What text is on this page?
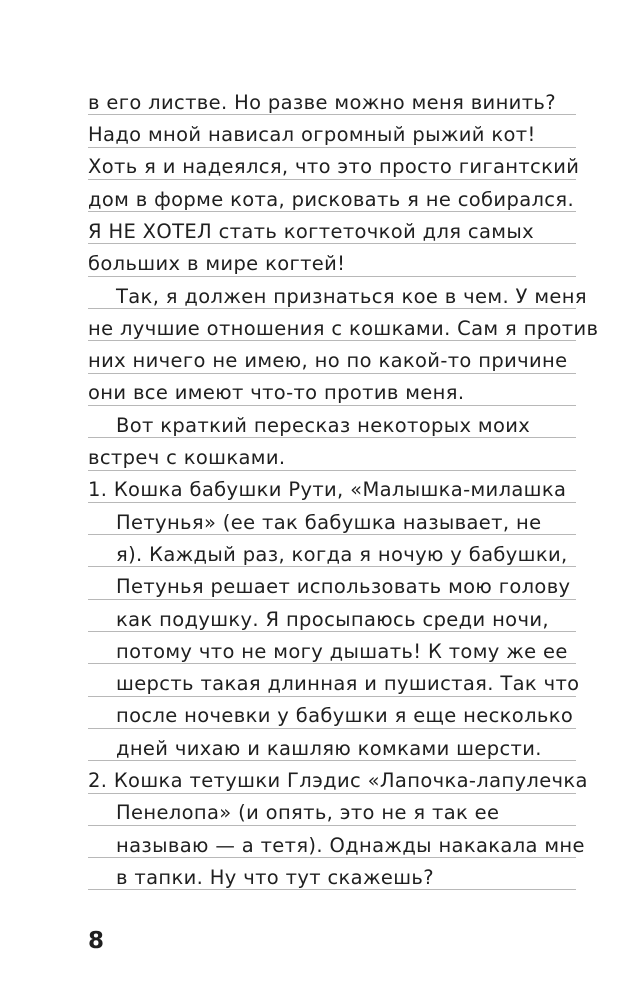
в его листве. Но разве можно меня винить?
Надо мной нависал огромный рыжий кот!
Хоть я и надеялся, что это просто гигантский
дом в форме кота, рисковать я не собирался.
Я НЕ ХОТЕЛ стать когтеточкой для самых
больших в мире когтей!
Так, я должен признаться кое в чем. У меня
не лучшие отношения с кошками. Сам я против
них ничего не имею, но по какой-то причине
они все имеют что-то против меня.
Вот краткий пересказ некоторых моих
встреч с кошками.
1. Кошка бабушки Рути, «Малышка-милашка
Петунья» (ее так бабушка называет, не
я). Каждый раз, когда я ночую у бабушки,
Петунья решает использовать мою голову
как подушку. Я просыпаюсь среди ночи,
потому что не могу дышать! К тому же ее
шерсть такая длинная и пушистая. Так что
после ночевки у бабушки я еще несколько
дней чихаю и кашляю комками шерсти.
2. Кошка тетушки Глэдис «Лапочка-лапулечка
Пенелопа» (и опять, это не я так ее
называю — а тетя). Однажды накакала мне
в тапки. Ну что тут скажешь?
8
